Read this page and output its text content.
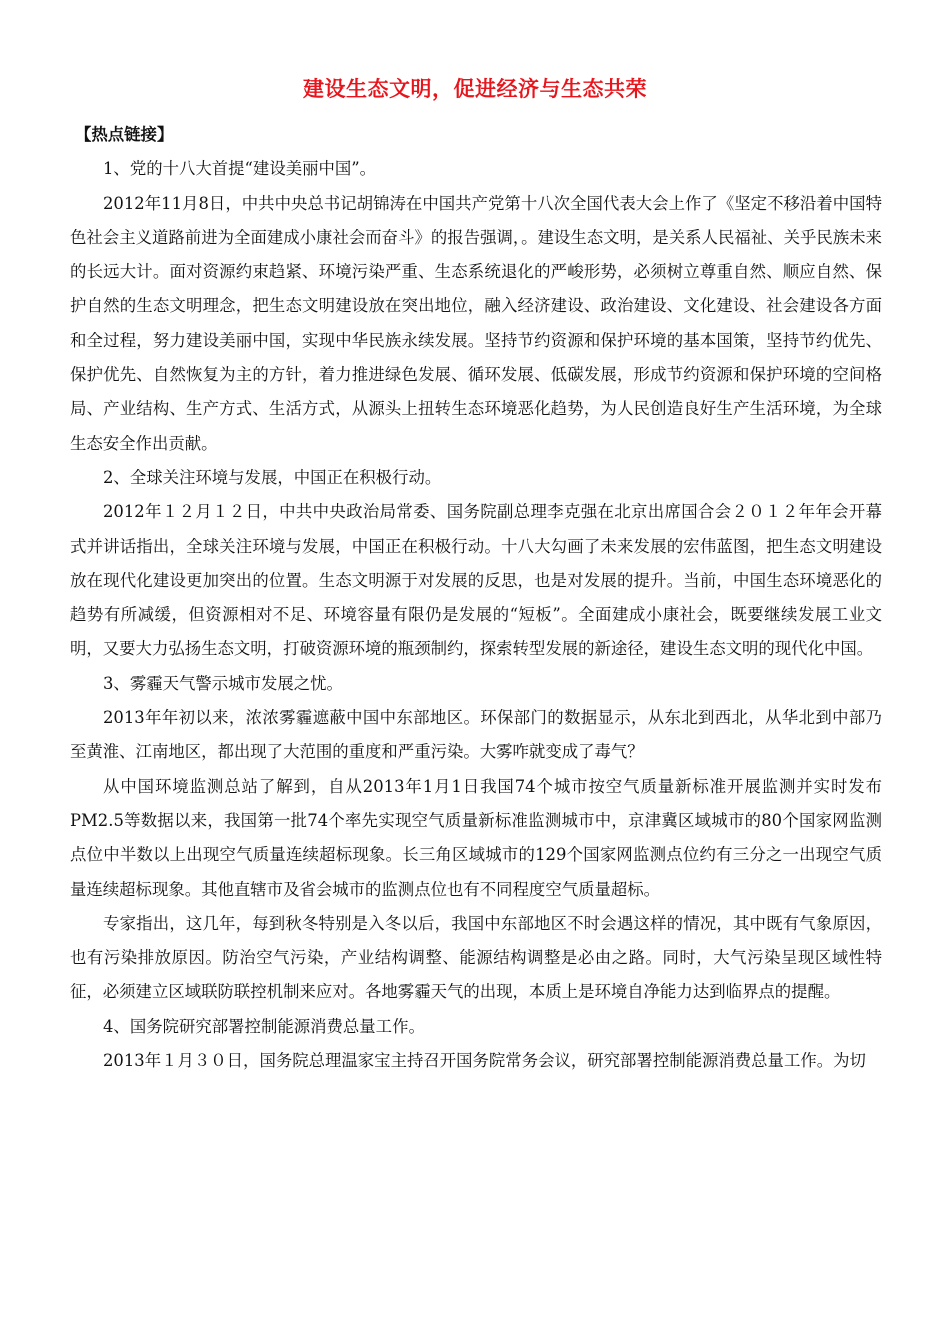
建设生态文明，促进经济与生态共荣

【热点链接】

1、党的十八大首提“建设美丽中国”。

2012年11月8日，中共中央总书记胡锦涛在中国共产党第十八次全国代表大会上作了《坚定不移沿着中国特色社会主义道路前进为全面建成小康社会而奋斗》的报告强调，。建设生态文明，是关系人民福祉、关乎民族未来的长远大计。面对资源约束趋紧、环境污染严重、生态系统退化的严峻形势，必须树立尊重自然、顺应自然、保护自然的生态文明理念，把生态文明建设放在突出地位，融入经济建设、政治建设、文化建设、社会建设各方面和全过程，努力建设美丽中国，实现中华民族永续发展。坚持节约资源和保护环境的基本国策，坚持节约优先、保护优先、自然恢复为主的方针，着力推进绿色发展、循环发展、低碳发展，形成节约资源和保护环境的空间格局、产业结构、生产方式、生活方式，从源头上扭转生态环境恶化趋势，为人民创造良好生产生活环境，为全球生态安全作出贡献。

2、全球关注环境与发展，中国正在积极行动。

2012年１２月１２日，中共中央政治局常委、国务院副总理李克强在北京出席国合会２０１２年年会开幕式并讲话指出，全球关注环境与发展，中国正在积极行动。十八大勾画了未来发展的宏伟蓝图，把生态文明建设放在现代化建设更加突出的位置。生态文明源于对发展的反思，也是对发展的提升。当前，中国生态环境恶化的趋势有所减缓，但资源相对不足、环境容量有限仍是发展的“短板”。全面建成小康社会，既要继续发展工业文明，又要大力弘扬生态文明，打破资源环境的瓶颈制约，探索转型发展的新途径，建设生态文明的现代化中国。

3、雾霾天气警示城市发展之忧。

2013年年初以来，浓浓雾霾遮蔽中国中东部地区。环保部门的数据显示，从东北到西北，从华北到中部乃至黄淮、江南地区，都出现了大范围的重度和严重污染。大雾咋就变成了毒气？

从中国环境监测总站了解到，自从2013年1月1日我国74个城市按空气质量新标准开展监测并实时发布PM2.5等数据以来，我国第一批74个率先实现空气质量新标准监测城市中，京津冀区域城市的80个国家网监测点位中半数以上出现空气质量连续超标现象。长三角区域城市的129个国家网监测点位约有三分之一出现空气质量连续超标现象。其他直辖市及省会城市的监测点位也有不同程度空气质量超标。

专家指出，这几年，每到秋冬特别是入冬以后，我国中东部地区不时会遇这样的情况，其中既有气象原因，也有污染排放原因。防治空气污染，产业结构调整、能源结构调整是必由之路。同时，大气污染呈现区域性特征，必须建立区域联防联控机制来应对。各地雾霾天气的出现，本质上是环境自净能力达到临界点的提醒。

4、国务院研究部署控制能源消费总量工作。

2013年１月３０日，国务院总理温家宝主持召开国务院常务会议，研究部署控制能源消费总量工作。为切
